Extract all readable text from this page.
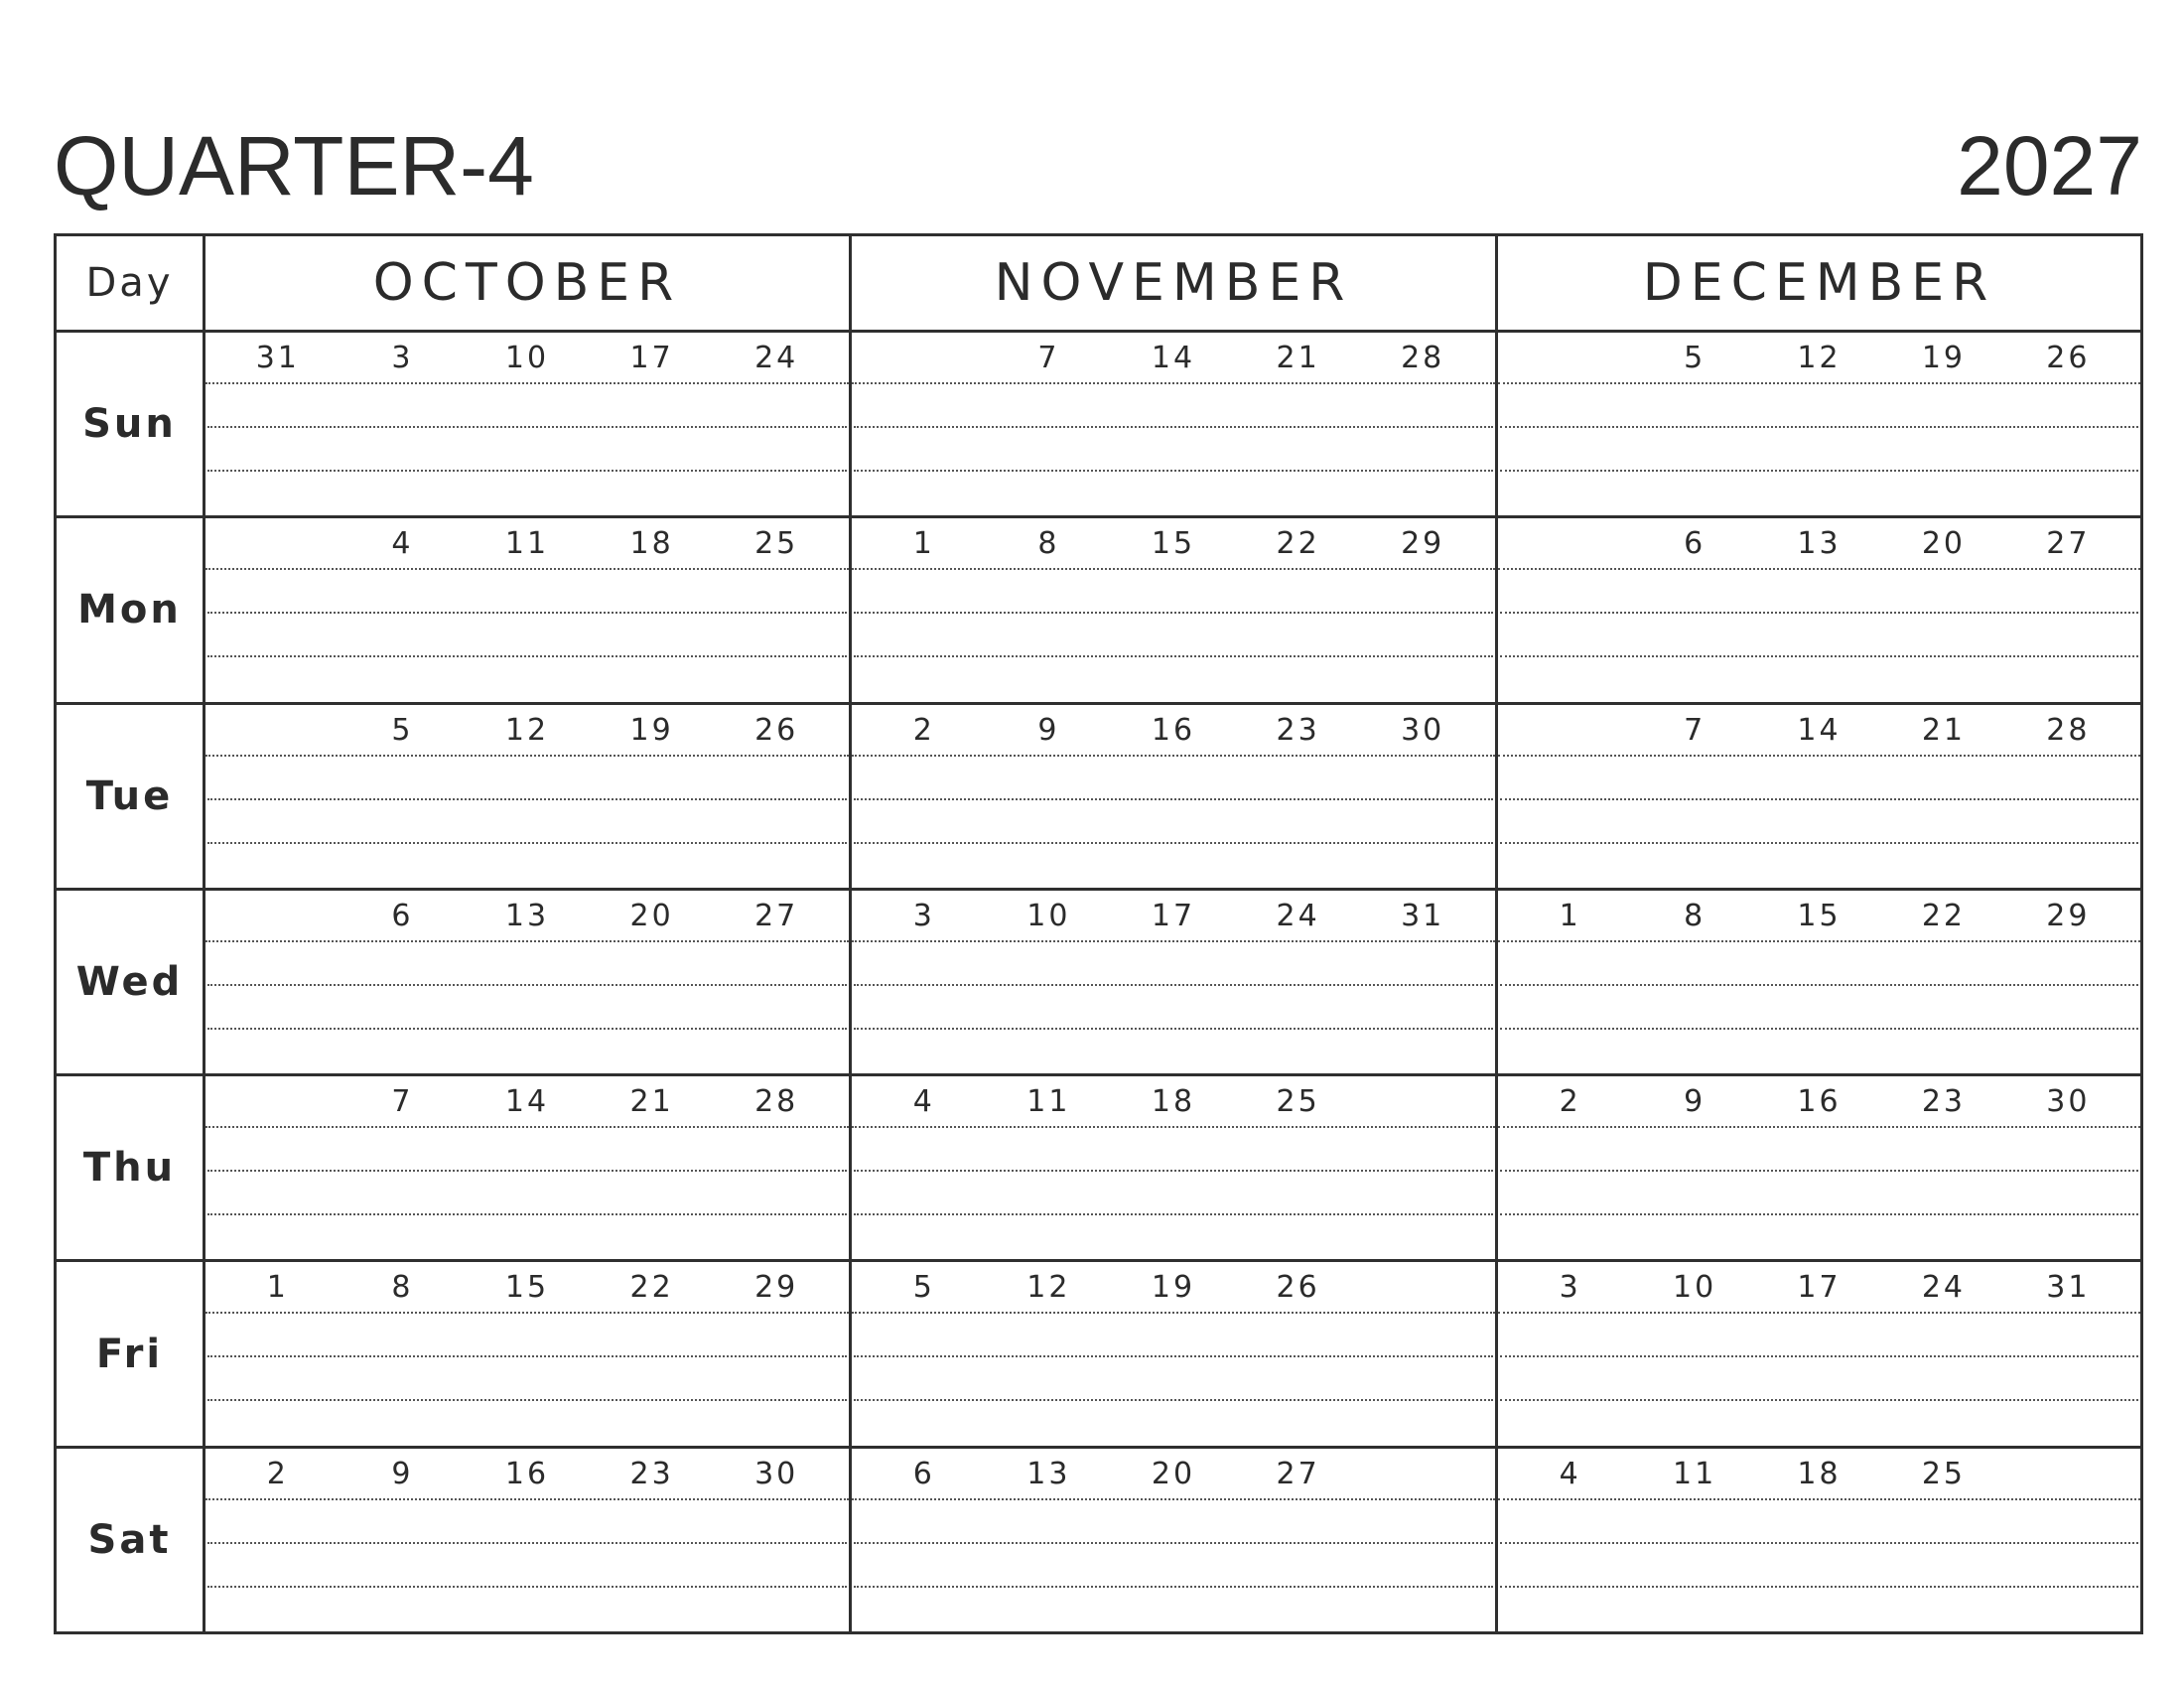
QUARTER-4	2027
Day	OCTOBER	NOVEMBER	DECEMBER
Sun	31 3 10 17 24	7 14 21 28	5 12 19 26

Mon	4 11 18 25	1 8 15 22 29	6 13 20 27

Tue	5 12 19 26	2 9 16 23 30	7 14 21 28

Wed	6 13 20 27	3 10 17 24 31	1 8 15 22 29

Thu	7 14 21 28	4 11 18 25	2 9 16 23 30

Fri	1 8 15 22 29	5 12 19 26	3 10 17 24 31

Sat	2 9 16 23 30	6 13 20 27	4 11 18 25
